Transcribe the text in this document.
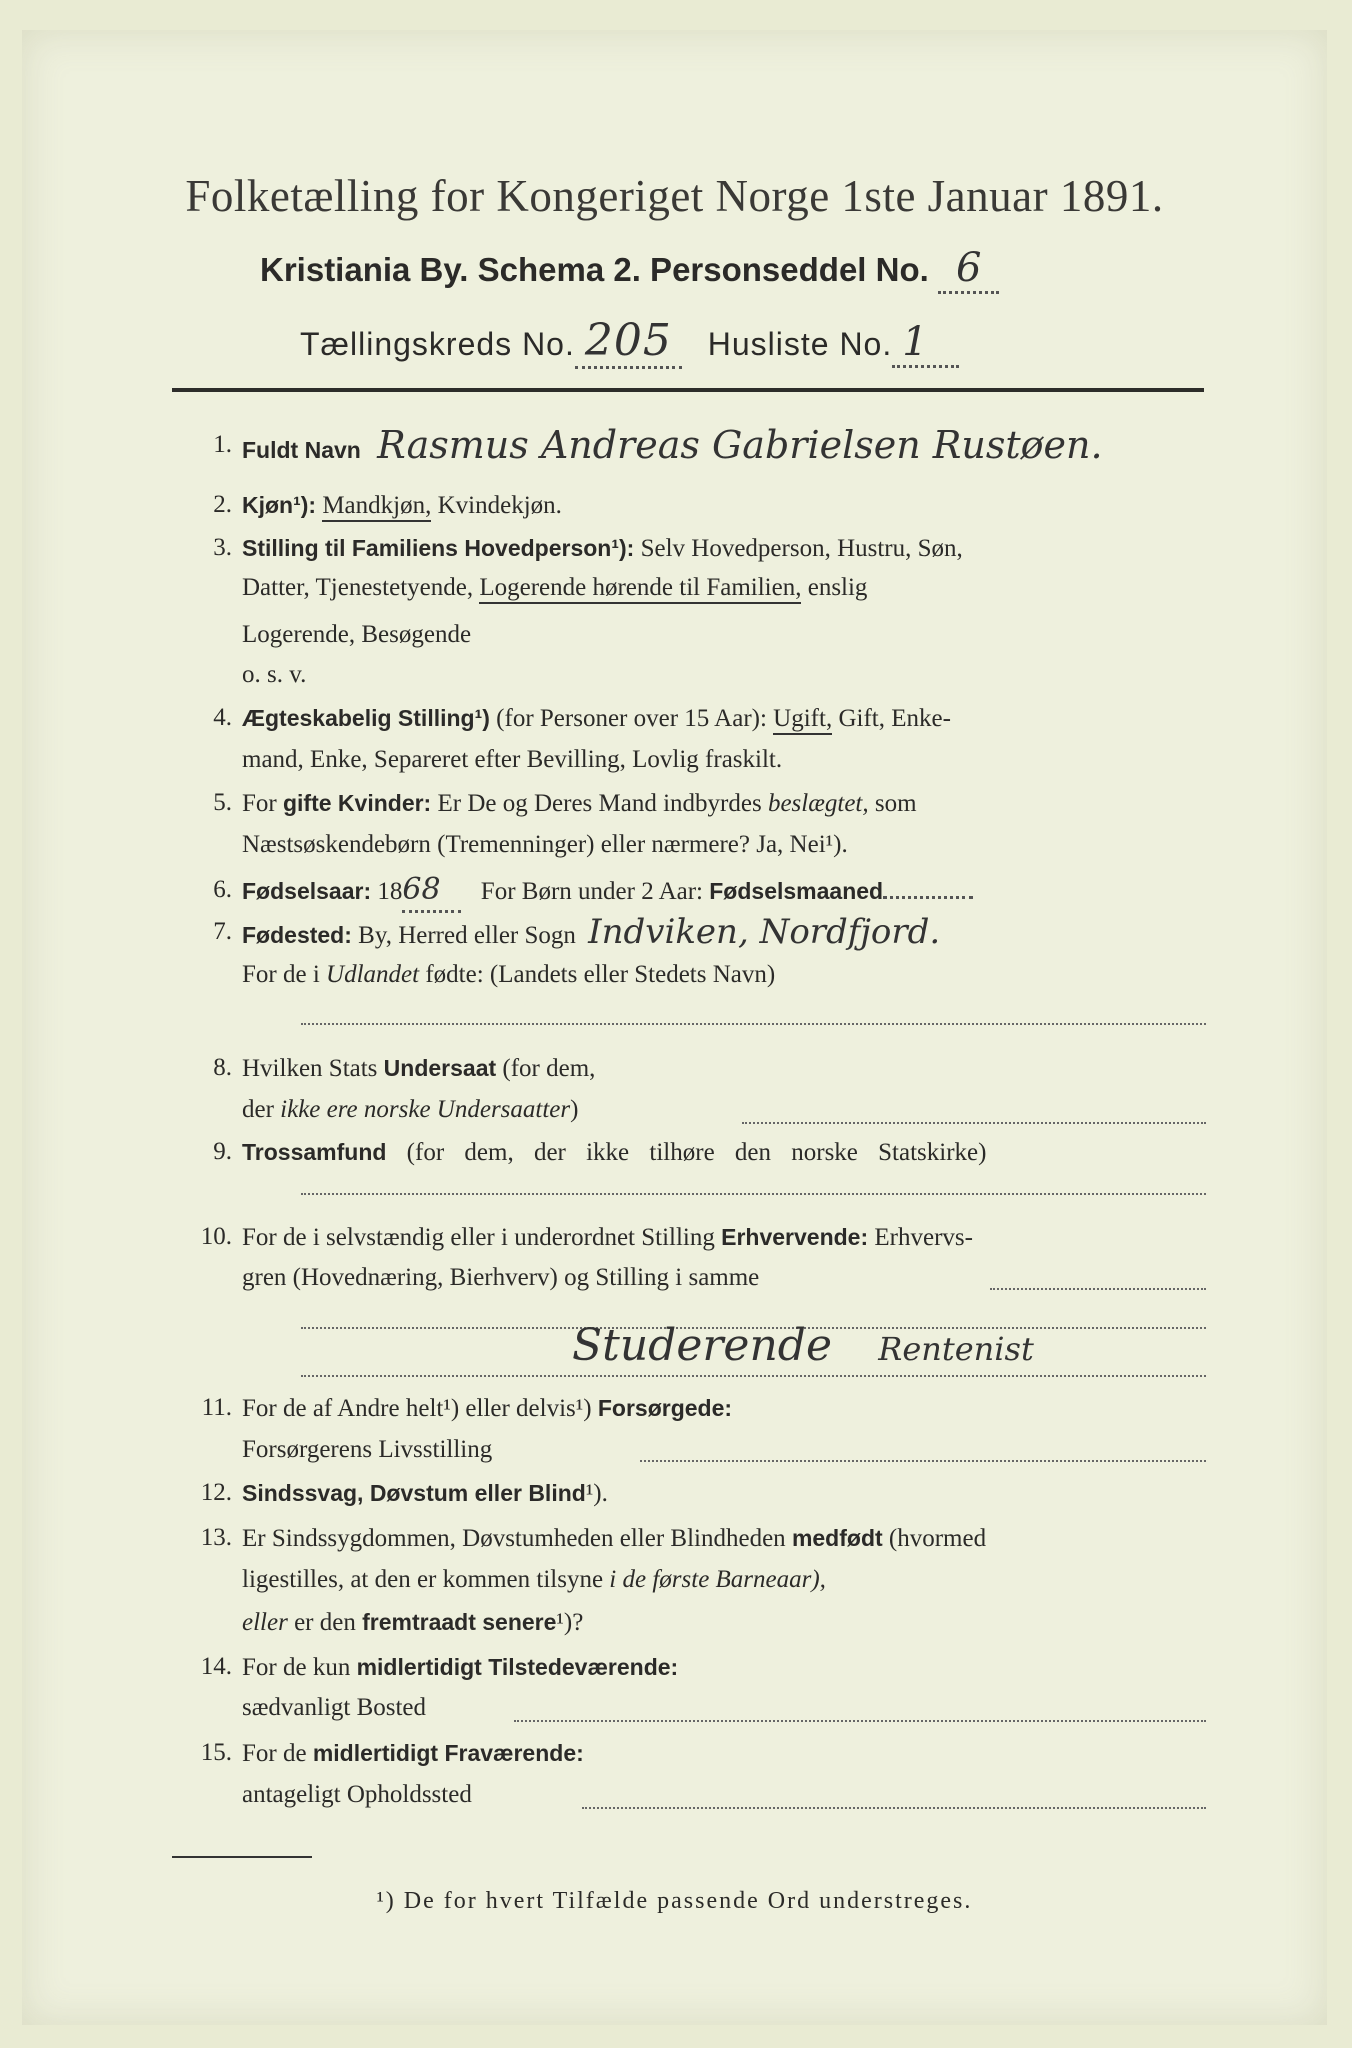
Folketælling for Kongeriget Norge 1ste Januar 1891.
Kristiania By. Schema 2. Personseddel No. 6
Tællingskreds No. 205 Husliste No. 1
1. Fuldt Navn Rasmus Andreas Gabrielsen Rustøen.
2. Kjøn¹): Mandkjøn, Kvindekjøn.
3. Stilling til Familiens Hovedperson¹): Selv Hovedperson, Hustru, Søn,
Datter, Tjenestetyende, Logerende hørende til Familien, enslig
Logerende, Besøgende
o. s. v.
4. Ægteskabelig Stilling¹) (for Personer over 15 Aar): Ugift, Gift, Enke-
mand, Enke, Separeret efter Bevilling, Lovlig fraskilt.
5. For gifte Kvinder: Er De og Deres Mand indbyrdes beslægtet, som
Næstsøskendebørn (Tremenninger) eller nærmere? Ja, Nei¹).
6. Fødselsaar: 1868 For Børn under 2 Aar: Fødselsmaaned
7. Fødested: By, Herred eller Sogn Indviken, Nordfjord.
For de i Udlandet fødte: (Landets eller Stedets Navn)
8. Hvilken Stats Undersaat (for dem,
der ikke ere norske Undersaatter)
9. Trossamfund (for dem, der ikke tilhøre den norske Statskirke)
10. For de i selvstændig eller i underordnet Stilling Erhvervende: Erhvervs-
gren (Hovednæring, Bierhverv) og Stilling i samme
Studerende Rentenist
11. For de af Andre helt¹) eller delvis¹) Forsørgede:
Forsørgerens Livsstilling
12. Sindssvag, Døvstum eller Blind¹).
13. Er Sindssygdommen, Døvstumheden eller Blindheden medfødt (hvormed
ligestilles, at den er kommen tilsyne i de første Barneaar),
eller er den fremtraadt senere¹)?
14. For de kun midlertidigt Tilstedeværende:
sædvanligt Bosted
15. For de midlertidigt Fraværende:
antageligt Opholdssted
¹) De for hvert Tilfælde passende Ord understreges.
